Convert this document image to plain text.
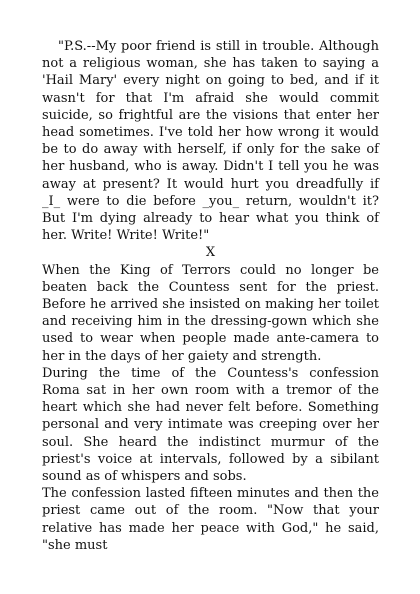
"P.S.--My poor friend is still in trouble. Although not a religious woman, she has taken to saying a 'Hail Mary' every night on going to bed, and if it wasn't for that I'm afraid she would commit suicide, so frightful are the visions that enter her head sometimes. I've told her how wrong it would be to do away with herself, if only for the sake of her husband, who is away. Didn't I tell you he was away at present? It would hurt you dreadfully if _I_ were to die before _you_ return, wouldn't it? But I'm dying already to hear what you think of her. Write! Write! Write!"

X

When the King of Terrors could no longer be beaten back the Countess sent for the priest. Before he arrived she insisted on making her toilet and receiving him in the dressing-gown which she used to wear when people made ante-camera to her in the days of her gaiety and strength.

During the time of the Countess's confession Roma sat in her own room with a tremor of the heart which she had never felt before. Something personal and very intimate was creeping over her soul. She heard the indistinct murmur of the priest's voice at intervals, followed by a sibilant sound as of whispers and sobs.

The confession lasted fifteen minutes and then the priest came out of the room. "Now that your relative has made her peace with God," he said, "she must
